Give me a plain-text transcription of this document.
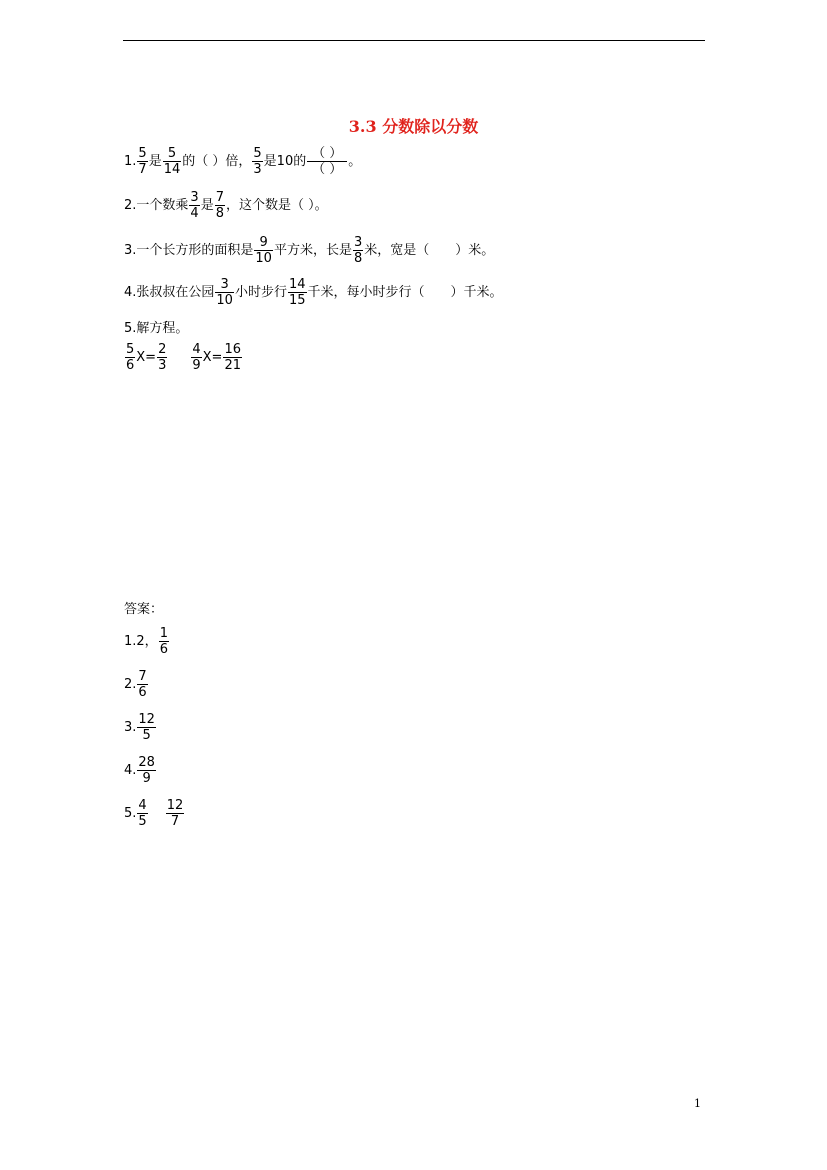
3.3 分数除以分数
1. $\frac{5}{7}$ 是 $\frac{5}{14}$ 的（ ）倍， $\frac{5}{3}$ 是10的 $\frac{( )}{( )}$ 。
2.一个数乘 $\frac{3}{4}$ 是 $\frac{7}{8}$ ，这个数是（ ）。
3.一个长方形的面积是 $\frac{9}{10}$ 平方米，长是 $\frac{3}{8}$ 米，宽是（　　）米。
4.张叔叔在公园 $\frac{3}{10}$ 小时步行 $\frac{14}{15}$ 千米，每小时步行（　　）千米。
5.解方程。
$\frac{5}{6} X= \frac{2}{3} \frac{4}{9} X= \frac{16}{21}$
答案：
1.2， $\frac{1}{6}$
2. $\frac{7}{6}$
3. $\frac{12}{5}$
4. $\frac{28}{9}$
5. $\frac{4}{5} \frac{12}{7}$
1
